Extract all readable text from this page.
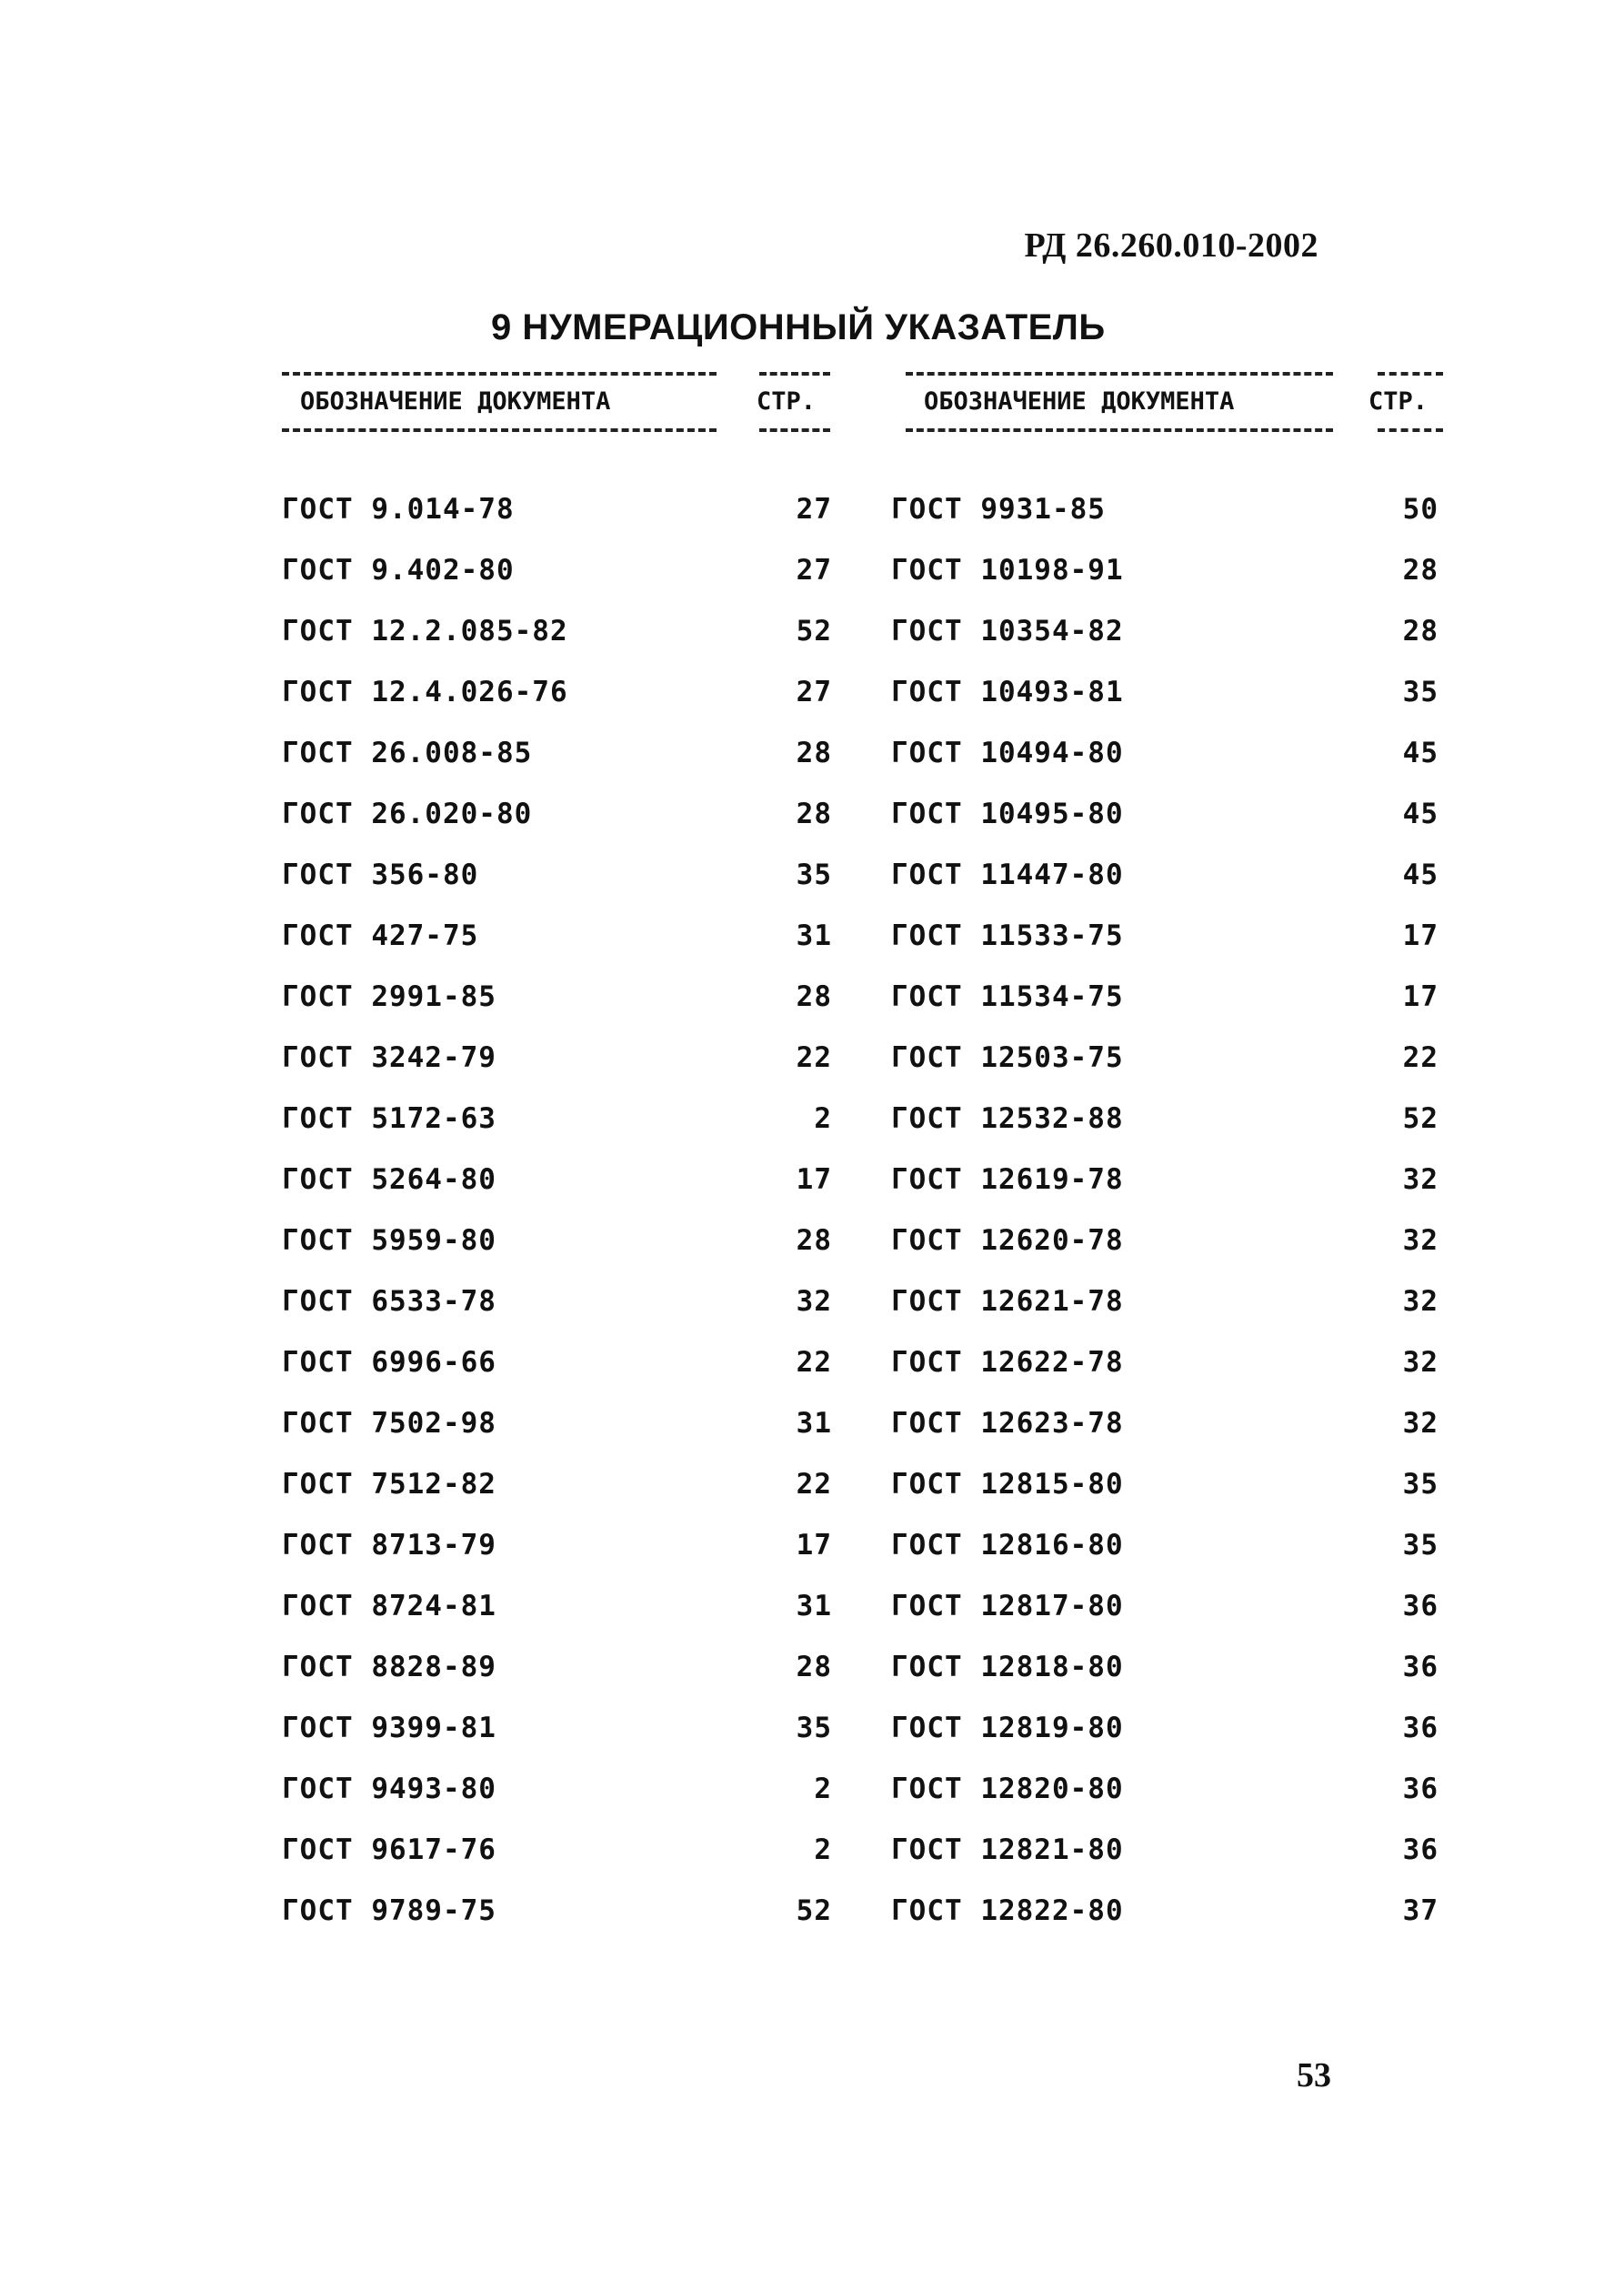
РД 26.260.010-2002

9 НУМЕРАЦИОННЫЙ УКАЗАТЕЛЬ
ОБОЗНАЧЕНИЕ ДОКУМЕНТА	СТР.
ГОСТ 9.014-78	27
ГОСТ 9.402-80	27
ГОСТ 12.2.085-82	52
ГОСТ 12.4.026-76	27
ГОСТ 26.008-85	28
ГОСТ 26.020-80	28
ГОСТ 356-80	35
ГОСТ 427-75	31
ГОСТ 2991-85	28
ГОСТ 3242-79	22
ГОСТ 5172-63	2
ГОСТ 5264-80	17
ГОСТ 5959-80	28
ГОСТ 6533-78	32
ГОСТ 6996-66	22
ГОСТ 7502-98	31
ГОСТ 7512-82	22
ГОСТ 8713-79	17
ГОСТ 8724-81	31
ГОСТ 8828-89	28
ГОСТ 9399-81	35
ГОСТ 9493-80	2
ГОСТ 9617-76	2
ГОСТ 9789-75	52
ОБОЗНАЧЕНИЕ ДОКУМЕНТА	СТР.
ГОСТ 9931-85	50
ГОСТ 10198-91	28
ГОСТ 10354-82	28
ГОСТ 10493-81	35
ГОСТ 10494-80	45
ГОСТ 10495-80	45
ГОСТ 11447-80	45
ГОСТ 11533-75	17
ГОСТ 11534-75	17
ГОСТ 12503-75	22
ГОСТ 12532-88	52
ГОСТ 12619-78	32
ГОСТ 12620-78	32
ГОСТ 12621-78	32
ГОСТ 12622-78	32
ГОСТ 12623-78	32
ГОСТ 12815-80	35
ГОСТ 12816-80	35
ГОСТ 12817-80	36
ГОСТ 12818-80	36
ГОСТ 12819-80	36
ГОСТ 12820-80	36
ГОСТ 12821-80	36
ГОСТ 12822-80	37

53
